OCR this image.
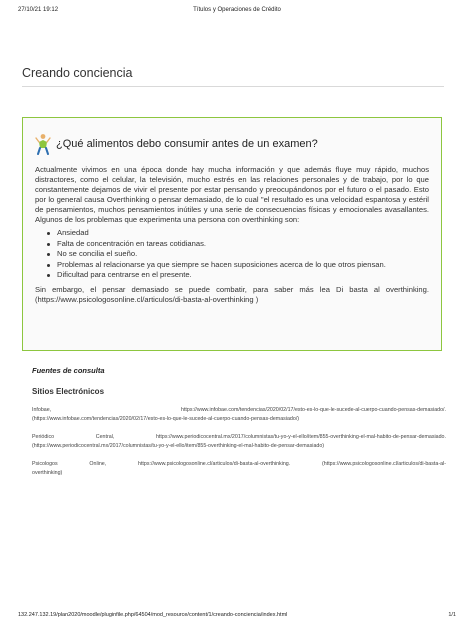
27/10/21 19:12	Títulos y Operaciones de Crédito
Creando conciencia
¿Qué alimentos debo consumir antes de un examen?

Actualmente vivimos en una época donde hay mucha información y que además fluye muy rápido, muchos distractores, como el celular, la televisión, mucho estrés en las relaciones personales y de trabajo, por lo que constantemente dejamos de vivir el presente por estar pensando y preocupándonos por el futuro o el pasado. Esto por lo general causa Overthinking o pensar demasiado, de lo cual "el resultado es una velocidad espantosa y estéril de pensamientos, muchos pensamientos inútiles y una serie de consecuencias físicas y emocionales avasallantes. Algunos de los problemas que experimenta una persona con overthinking son:

Ansiedad
Falta de concentración en tareas cotidianas.
No se concilia el sueño.
Problemas al relacionarse ya que siempre se hacen suposiciones acerca de lo que otros piensan.
Dificultad para centrarse en el presente.

Sin embargo, el pensar demasiado se puede combatir, para saber más lea Di basta al overthinking. (https://www.psicologosonline.cl/articulos/di-basta-al-overthinking )

Fuentes de consulta
Sitios Electrónicos
Infobae,	https://www.infobae.com/tendencias/2020/02/17/esto-es-lo-que-le-sucede-al-cuerpo-cuando-pensas-demasiado/.
(https://www.infobae.com/tendencias/2020/02/17/esto-es-lo-que-le-sucede-al-cuerpo-cuando-pensas-demasiado/)
Periódico	Central,	https://www.periodicocentral.mx/2017/columnistas/tu-yo-y-el-ello/item/855-overthinking-el-mal-habito-de-pensar-demasiado.
(https://www.periodicocentral.mx/2017/columnistas/tu-yo-y-el-ello/item/855-overthinking-el-mal-habito-de-pensar-demasiado)
Psicologos	Online,	https://www.psicologosonline.cl/articulos/di-basta-al-overthinking.	(https://www.psicologosonline.cl/articulos/di-basta-al-
overthinking)
132.247.132.19/plan2020/moodle/pluginfile.php/64504/mod_resource/content/1/creando-conciencia/index.html	1/1
